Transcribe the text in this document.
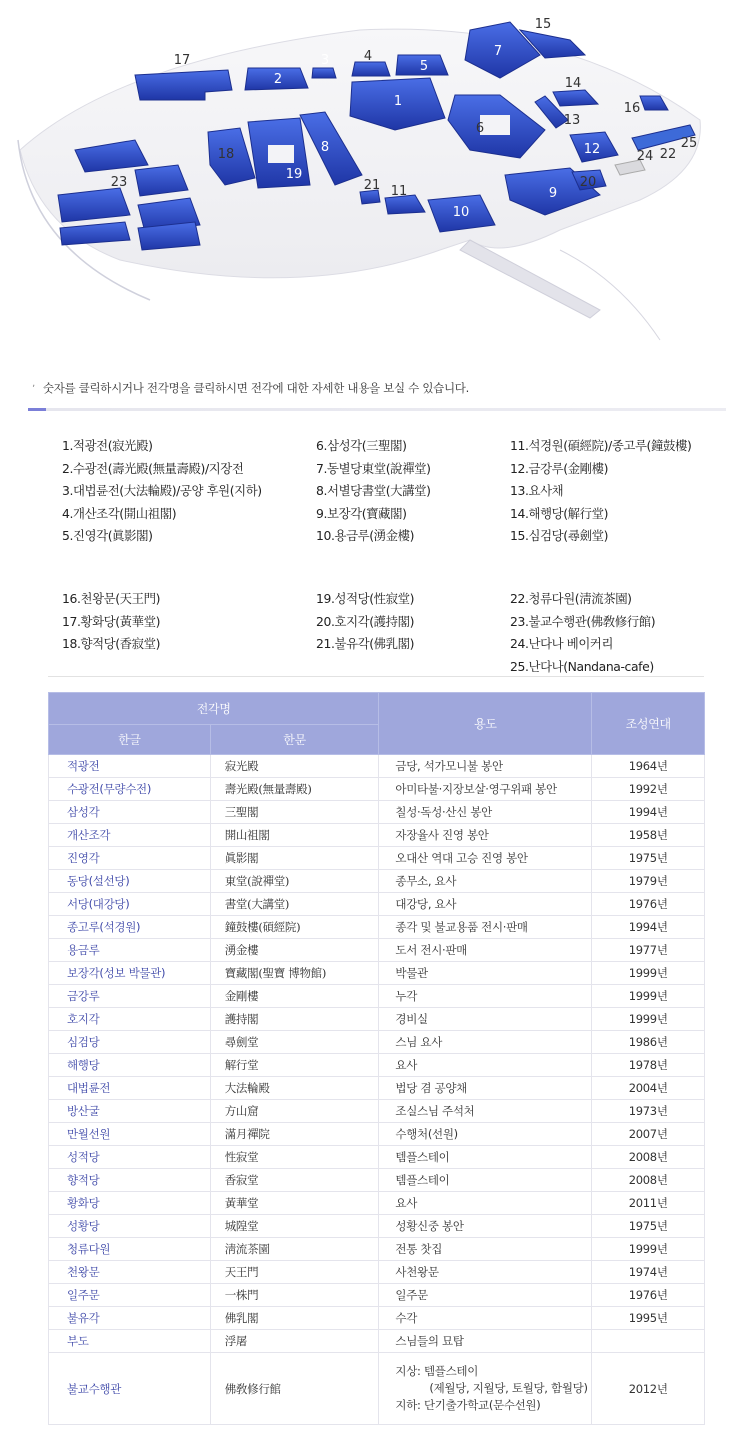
1
2
3	4
5
6
7
8
9
10
11
12
13
14
15
16
17
18
19
20
21
22
23
24
25
ʼ 숫자를 클릭하시거나 전각명을 클릭하시면 전각에 대한 자세한 내용을 보실 수 있습니다.
1.적광전(寂光殿)
2.수광전(壽光殿(無量壽殿)/지장전
3.대법륜전(大法輪殿)/공양 후원(지하)
4.개산조각(開山祖閣)
5.진영각(眞影閣)
6.삼성각(三聖閣)
7.동별당東堂(說禪堂)
8.서별당書堂(大講堂)
9.보장각(寶藏閣)
10.용금루(湧金樓)
11.석경원(碩經院)/종고루(鐘鼓樓)
12.금강루(金剛樓)
13.요사채
14.해행당(解行堂)
15.심검당(尋劍堂)
16.천왕문(天王門)
17.황화당(黃華堂)
18.향적당(香寂堂)
19.성적당(性寂堂)
20.호지각(護持閣)
21.불유각(佛乳閣)
22.청류다원(淸流茶園)
23.불교수행관(佛敎修行館)
24.난다나 베이커리
25.난다나(Nandana-cafe)
전각명		용도	조성연대
한글	한문		
적광전	寂光殿	금당, 석가모니불 봉안	1964년
수광전(무량수전)	壽光殿(無量壽殿)	아미타불·지장보살·영구위패 봉안	1992년
삼성각	三聖閣	칠성·독성·산신 봉안	1994년
개산조각	開山祖閣	자장율사 진영 봉안	1958년
진영각	眞影閣	오대산 역대 고승 진영 봉안	1975년
동당(설선당)	東堂(說禪堂)	종무소, 요사	1979년
서당(대강당)	書堂(大講堂)	대강당, 요사	1976년
종고루(석경원)	鐘鼓樓(碩經院)	종각 및 불교용품 전시·판매	1994년
용금루	湧金樓	도서 전시·판매	1977년
보장각(성보 박물관)	寶藏閣(聖寶 博物館)	박물관	1999년
금강루	金剛樓	누각	1999년
호지각	護持閣	경비실	1999년
심검당	尋劍堂	스님 요사	1986년
해행당	解行堂	요사	1978년
대법륜전	大法輪殿	법당 겸 공양채	2004년
방산굴	方山窟	조실스님 주석처	1973년
만월선원	滿月禪院	수행처(선원)	2007년
성적당	性寂堂	템플스테이	2008년
향적당	香寂堂	템플스테이	2008년
황화당	黃華堂	요사	2011년
성황당	城隍堂	성황신중 봉안	1975년
청류다원	淸流茶園	전통 찻집	1999년
천왕문	天王門	사천왕문	1974년
일주문	一株門	일주문	1976년
불유각	佛乳閣	수각	1995년
부도	浮屠	스님들의 묘탑	
불교수행관	佛敎修行館	지상: 템플스테이
(제월당, 지월당, 토월당, 함월당)
지하: 단기출가학교(문수선원)	2012년
